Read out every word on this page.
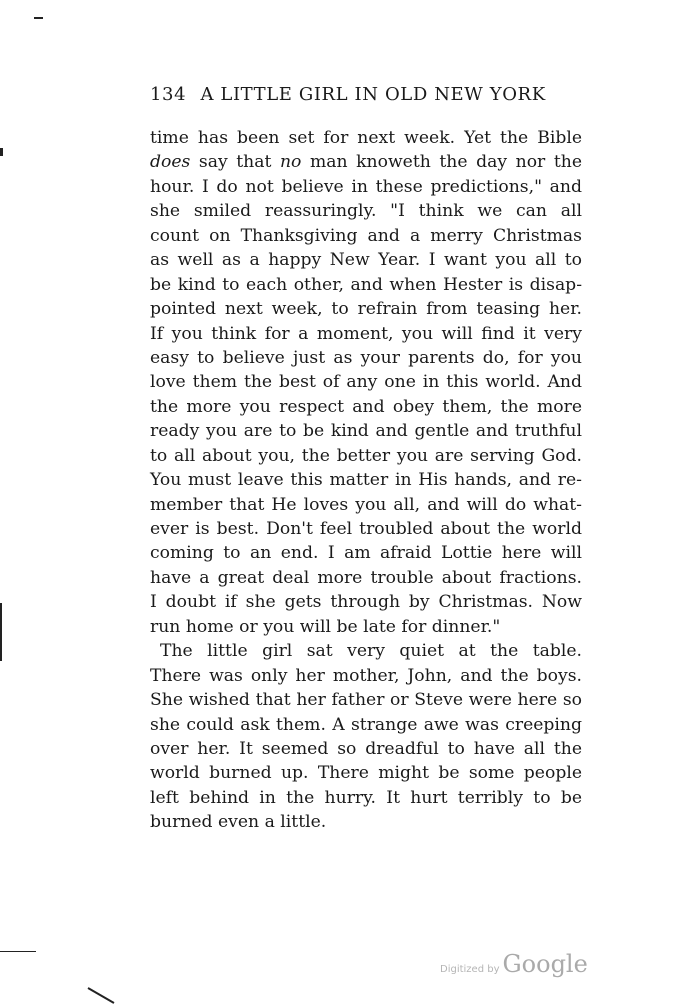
134 A LITTLE GIRL IN OLD NEW YORK
time has been set for next week. Yet the Bible
does say that no man knoweth the day nor the
hour. I do not believe in these predictions," and
she smiled reassuringly. "I think we can all
count on Thanksgiving and a merry Christmas
as well as a happy New Year. I want you all to
be kind to each other, and when Hester is disap-
pointed next week, to refrain from teasing her.
If you think for a moment, you will find it very
easy to believe just as your parents do, for you
love them the best of any one in this world. And
the more you respect and obey them, the more
ready you are to be kind and gentle and truthful
to all about you, the better you are serving God.
You must leave this matter in His hands, and re-
member that He loves you all, and will do what-
ever is best. Don't feel troubled about the world
coming to an end. I am afraid Lottie here will
have a great deal more trouble about fractions.
I doubt if she gets through by Christmas. Now
run home or you will be late for dinner."
The little girl sat very quiet at the table.
There was only her mother, John, and the boys.
She wished that her father or Steve were here so
she could ask them. A strange awe was creeping
over her. It seemed so dreadful to have all the
world burned up. There might be some people
left behind in the hurry. It hurt terribly to be
burned even a little.
Digitized by Google
